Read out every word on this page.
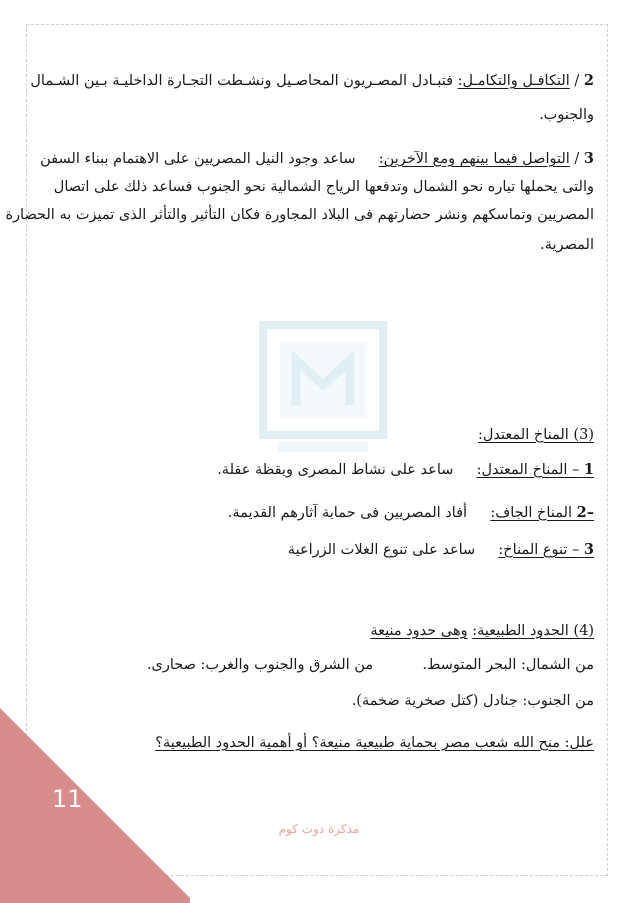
2 / التكافـل والتكامـل: فتبـادل المصـريون المحاصـيل ونشـطت التجـارة الداخليـة بـين الشـمال
والجنوب.
3 / التواصل فيما بينهم ومع الآخرين:  ساعد وجود النيل المصريين على الاهتمام ببناء السفن
والتى يحملها تياره نحو الشمال وتدفعها الرياح الشمالية نحو الجنوب فساعد ذلك على اتصال
المصريين وتماسكهم ونشر حضارتهم فى البلاد المجاورة فكان التأثير والتأثر الذى تميزت به الحضارة
المصرية.
(3) المناخ المعتدل:
1 – المناخ المعتدل:  ساعد على نشاط المصرى ويقظة عقلة.
–2 المناخ الجاف:  أفاد المصريين فى حماية آثارهم القديمة.
3 – تنوع المناخ:  ساعد على تنوع الغلات الزراعية
(4) الحدود الطبيعية: وهى حدود منيعة
من الشمال: البحر المتوسط.  من الشرق والجنوب والغرب: صحارى.
من الجنوب: جنادل (كتل صخرية ضخمة).
علل: منح الله شعب مصر بحماية طبيعية منيعة؟ أو أهمية الحدود الطبيعية؟
11
مذكرة دوت كوم
